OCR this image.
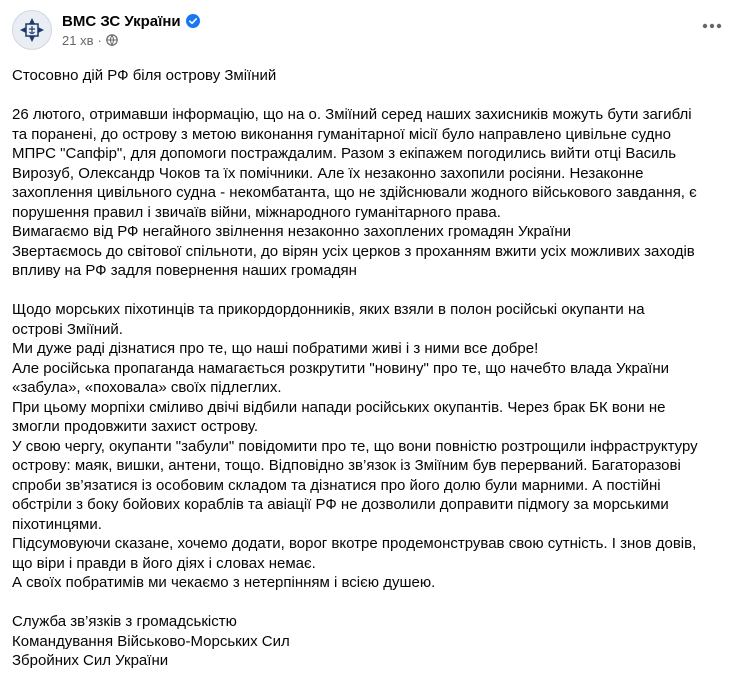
ВМС ЗС України
21 хв ·
Стосовно дій РФ біля острову Зміїний
26 лютого, отримавши інформацію, що на о. Зміїний серед наших захисників можуть бути загиблі
та поранені, до острову з метою виконання гуманітарної місії було направлено цивільне судно
МПРС "Сапфір", для допомоги постраждалим. Разом з екіпажем погодились вийти отці Василь
Вирозуб, Олександр Чоков та їх помічники. Але їх незаконно захопили росіяни. Незаконне
захоплення цивільного судна - некомбатанта, що не здійснювали жодного військового завдання, є
порушення правил і звичаїв війни, міжнародного гуманітарного права.
Вимагаємо від РФ негайного звілнення незаконно захоплених громадян України
Звертаємось до світової спільноти, до вірян усіх церков з проханням вжити усіх можливих заходів
впливу на РФ задля повернення наших громадян
Щодо морських піхотинців та прикордордонників, яких взяли в полон російські окупанти на
острові Зміїний.
Ми дуже раді дізнатися про те, що наші побратими живі і з ними все добре!
Але російська пропаганда намагається розкрутити "новину" про те, що начебто влада України
«забула», «поховалa» своїх підлеглих.
При цьому морпіхи сміливо двічі відбили напади російських окупантів. Через брак БК вони не
змогли продовжити захист острову.
У свою чергу, окупанти "забули" повідомити про те, що вони повністю розтрощили інфраструктуру
острову: маяк, вишки, антени, тощо. Відповідно зв’язок із Зміїним був перерваний. Багаторазові
спроби зв’язатися із особовим складом та дізнатися про його долю були марними. А постійні
обстріли з боку бойових кораблів та авіації РФ не дозволили доправити підмогу за морськими
піхотинцями.
Підсумовуючи сказане, хочемо додати, ворог вкотре продемонстрував свою сутність. І знов довів,
що віри і правди в його діях і словах немає.
А своїх побратимів ми чекаємо з нетерпінням і всією душею.
Служба зв’язків з громадськістю
Командування Військово-Морських Сил
Збройних Сил України
